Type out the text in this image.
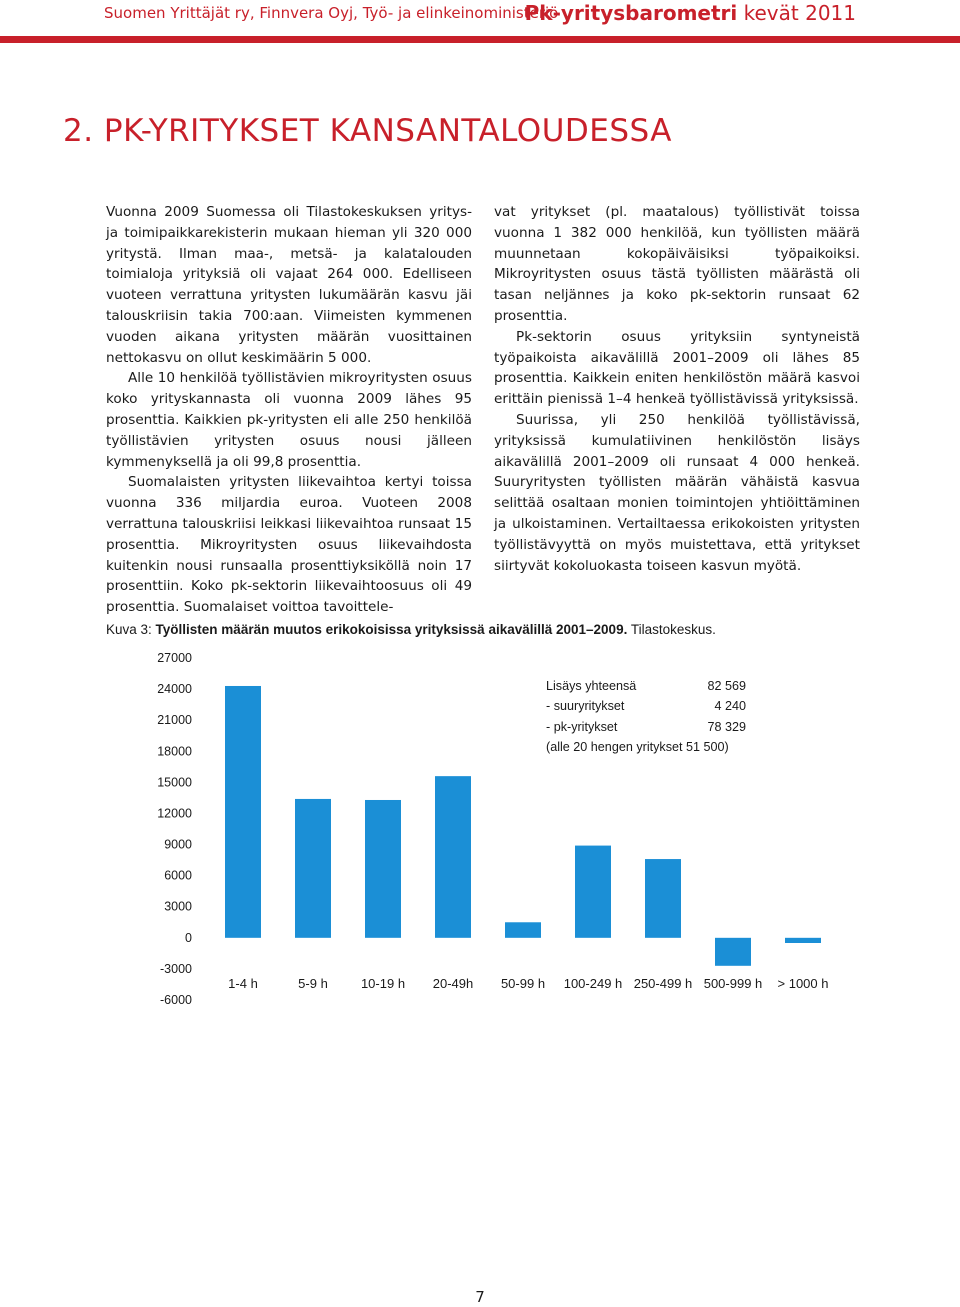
Suomen Yrittäjät ry, Finnvera Oyj, Työ- ja elinkeinoministeriö
Pk-yritysbarometri kevät 2011
2. PK-YRITYKSET KANSANTALOUDESSA

Vuonna 2009 Suomessa oli Tilastokeskuksen yritys- ja toimipaikkarekisterin mukaan hieman yli 320 000 yritystä. Ilman maa-, metsä- ja kalatalouden toimialoja yrityksiä oli vajaat 264 000. Edelliseen vuoteen verrattuna yritysten lukumäärän kasvu jäi talouskriisin takia 700:aan. Viimeisten kymmenen vuoden aikana yritysten määrän vuosittainen nettokasvu on ollut keskimäärin 5 000.

Alle 10 henkilöä työllistävien mikroyritysten osuus koko yrityskannasta oli vuonna 2009 lähes 95 prosenttia. Kaikkien pk-yritysten eli alle 250 henkilöä työllistävien yritysten osuus nousi jälleen kymmenyksellä ja oli 99,8 prosenttia.

Suomalaisten yritysten liikevaihtoa kertyi toissa vuonna 336 miljardia euroa. Vuoteen 2008 verrattuna talouskriisi leikkasi liikevaihtoa runsaat 15 prosenttia. Mikroyritysten osuus liikevaihdosta kuitenkin nousi runsaalla prosenttiyksiköllä noin 17 prosenttiin. Koko pk-sektorin liikevaihtoosuus oli 49 prosenttia. Suomalaiset voittoa tavoittele-

vat yritykset (pl. maatalous) työllistivät toissa vuonna 1 382 000 henkilöä, kun työllisten määrä muunnetaan kokopäiväisiksi työpaikoiksi. Mikroyritysten osuus tästä työllisten määrästä oli tasan neljännes ja koko pk-sektorin runsaat 62 prosenttia.

Pk-sektorin osuus yrityksiin syntyneistä työpaikoista aikavälillä 2001–2009 oli lähes 85 prosenttia. Kaikkein eniten henkilöstön määrä kasvoi erittäin pienissä 1–4 henkeä työllistävissä yrityksissä.

Suurissa, yli 250 henkilöä työllistävissä, yrityksissä kumulatiivinen henkilöstön lisäys aikavälillä 2001–2009 oli runsaat 4 000 henkeä. Suuryritysten työllisten määrän vähäistä kasvua selittää osaltaan monien toimintojen yhtiöittäminen ja ulkoistaminen. Vertailtaessa erikokoisten yritysten työllistävyyttä on myös muistettava, että yritykset siirtyvät kokoluokasta toiseen kasvun myötä.

Kuva 3: Työllisten määrän muutos erikokoisissa yrityksissä aikavälillä 2001–2009. Tilastokeskus.
27000
24000
21000
18000
15000
12000
9000
6000
3000
0
-3000
-6000
1-4 h	5-9 h	10-19 h 20-49h 50-99 h 100-249 h 250-499 h 500-999 h > 1000 h
Lisäys yhteensä	82 569
- suuryritykset	4 240
- pk-yritykset	78 329
(alle 20 hengen yritykset 51 500)
7
